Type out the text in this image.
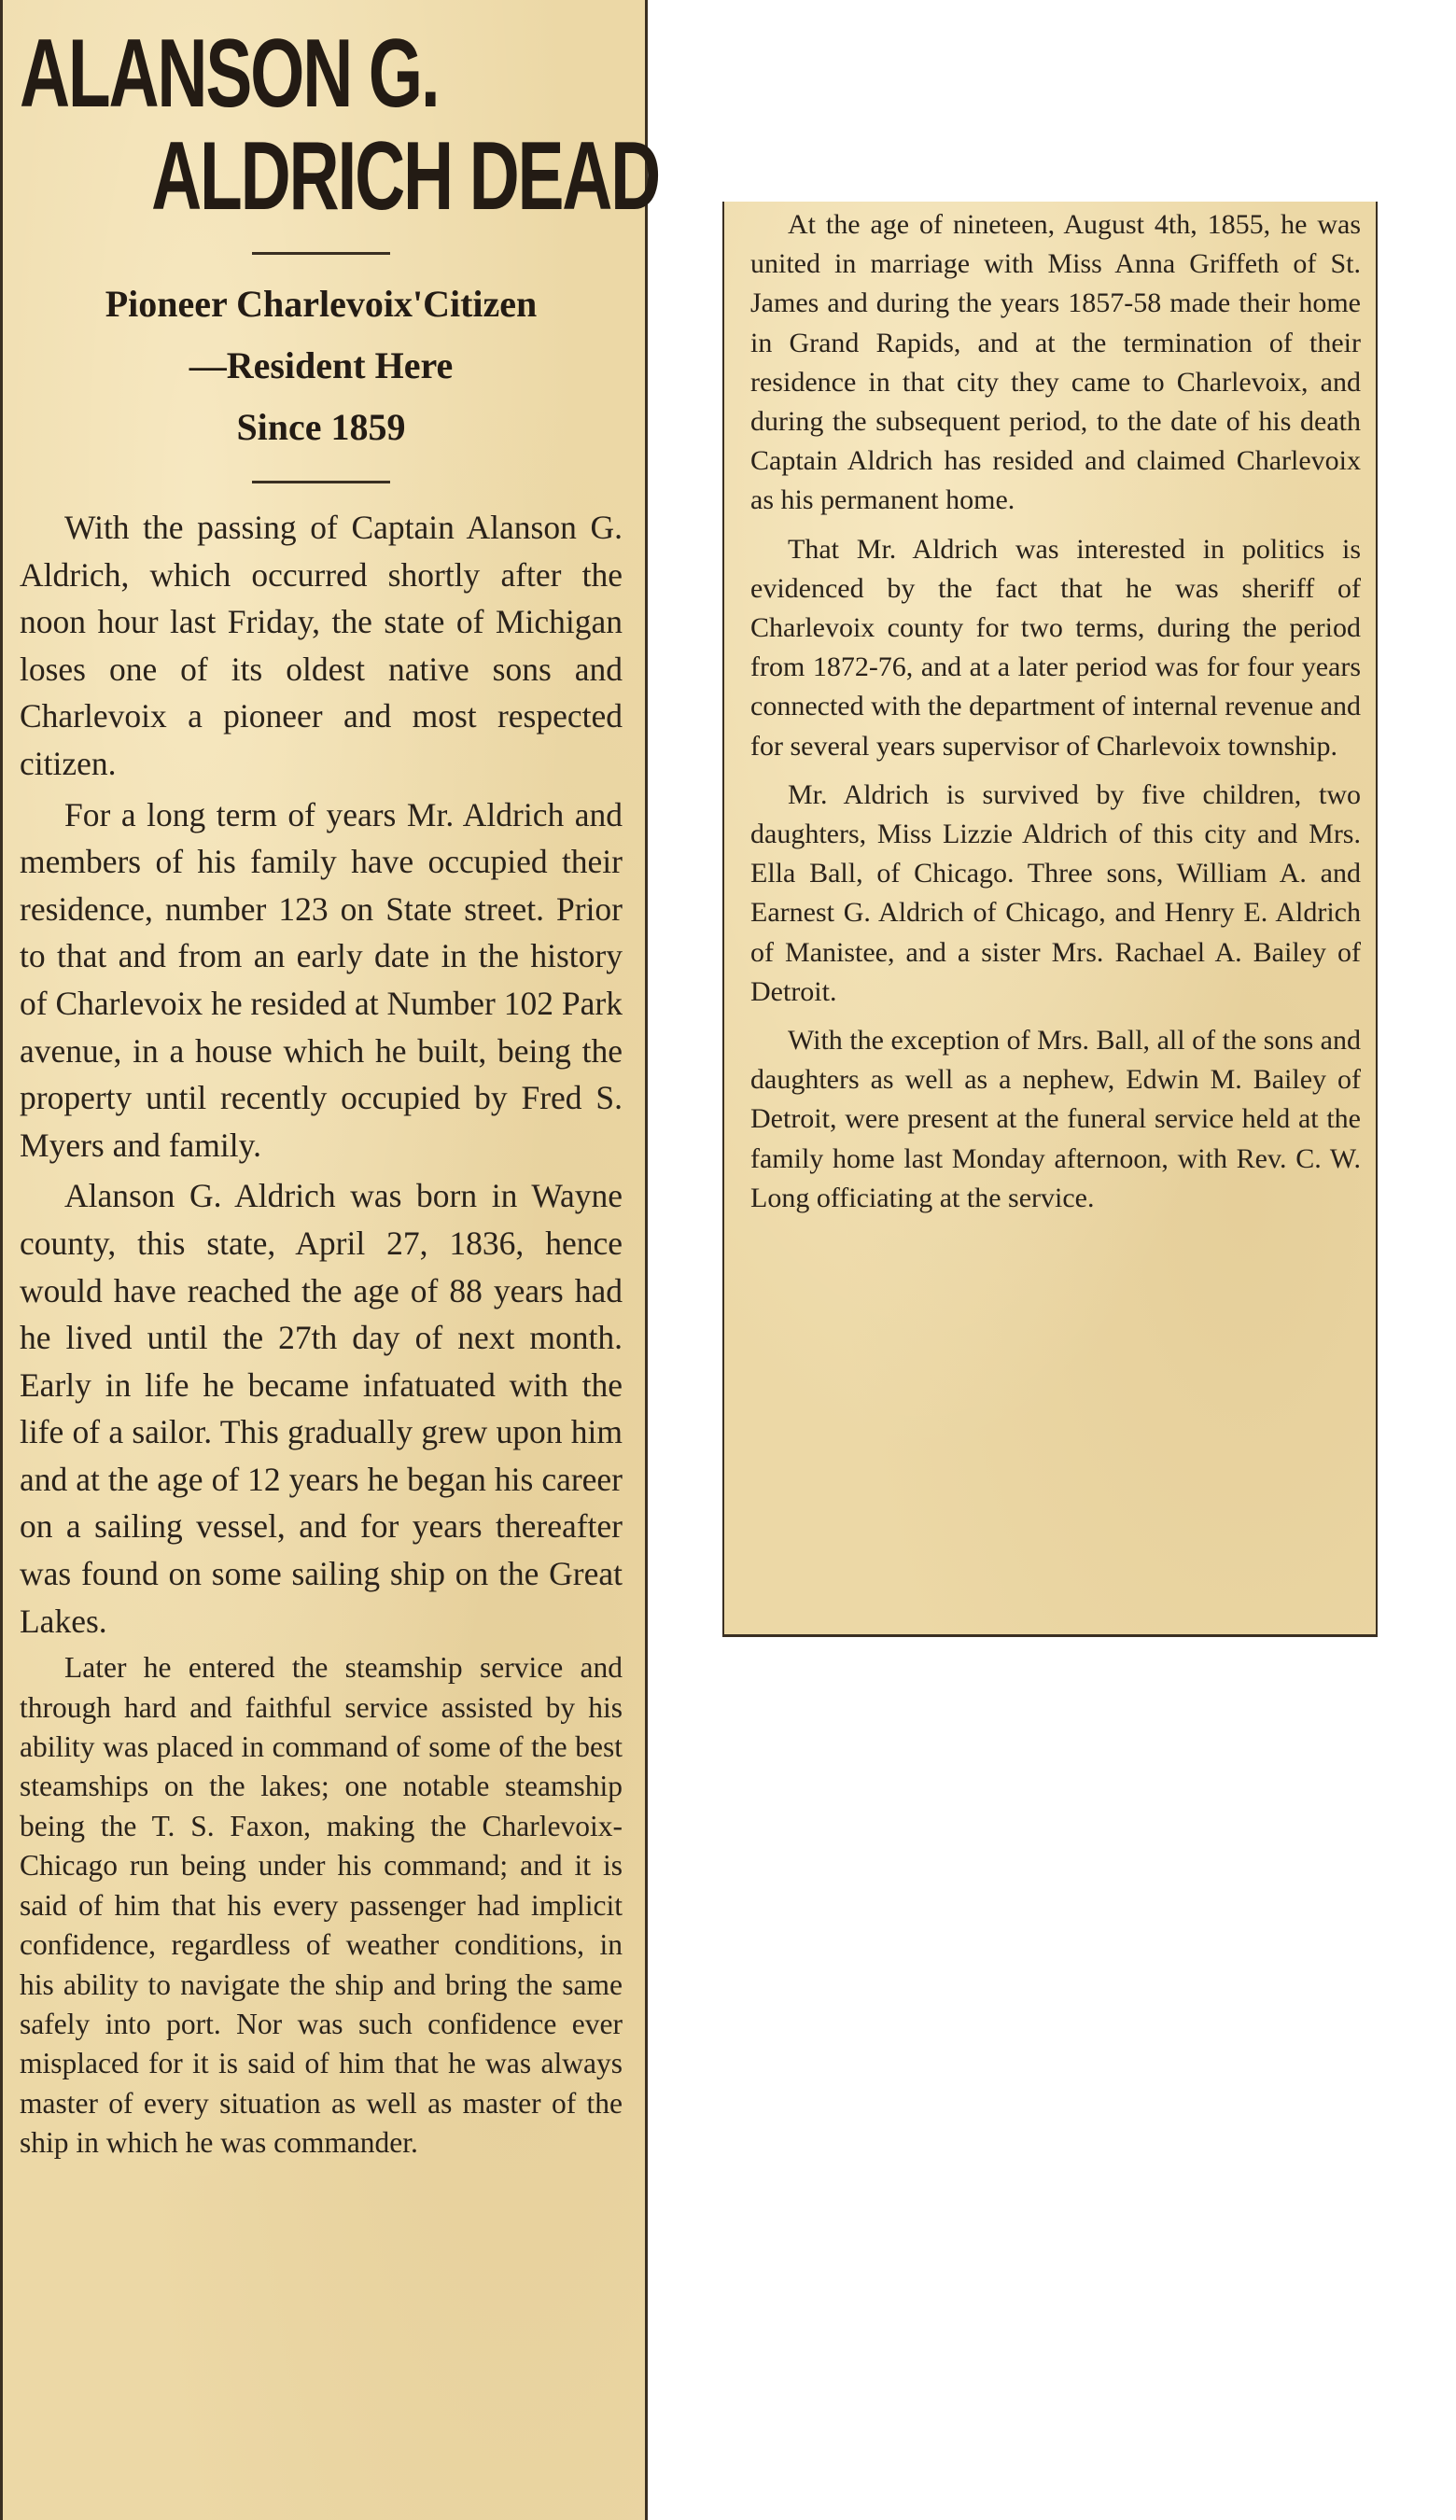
ALANSON G.
ALDRICH DEAD
Pioneer Charlevoix'Citizen
—Resident Here
Since 1859

With the passing of Captain Alanson G. Aldrich, which occurred shortly after the noon hour last Friday, the state of Michigan loses one of its oldest native sons and Charlevoix a pioneer and most respected citizen.

For a long term of years Mr. Aldrich and members of his family have occupied their residence, number 123 on State street. Prior to that and from an early date in the history of Charlevoix he resided at Number 102 Park avenue, in a house which he built, being the property until recently occupied by Fred S. Myers and family.

Alanson G. Aldrich was born in Wayne county, this state, April 27, 1836, hence would have reached the age of 88 years had he lived until the 27th day of next month. Early in life he became infatuated with the life of a sailor. This gradually grew upon him and at the age of 12 years he began his career on a sailing vessel, and for years thereafter was found on some sailing ship on the Great Lakes.

Later he entered the steamship service and through hard and faithful service assisted by his ability was placed in command of some of the best steamships on the lakes; one notable steamship being the T. S. Faxon, making the Charlevoix-Chicago run being under his command; and it is said of him that his every passenger had implicit confidence, regardless of weather conditions, in his ability to navigate the ship and bring the same safely into port. Nor was such confidence ever misplaced for it is said of him that he was always master of every situation as well as master of the ship in which he was commander.

At the age of nineteen, August 4th, 1855, he was united in marriage with Miss Anna Griffeth of St. James and during the years 1857-58 made their home in Grand Rapids, and at the termination of their residence in that city they came to Charlevoix, and during the subsequent period, to the date of his death Captain Aldrich has resided and claimed Charlevoix as his permanent home.

That Mr. Aldrich was interested in politics is evidenced by the fact that he was sheriff of Charlevoix county for two terms, during the period from 1872-76, and at a later period was for four years connected with the department of internal revenue and for several years supervisor of Charlevoix township.

Mr. Aldrich is survived by five children, two daughters, Miss Lizzie Aldrich of this city and Mrs. Ella Ball, of Chicago. Three sons, William A. and Earnest G. Aldrich of Chicago, and Henry E. Aldrich of Manistee, and a sister Mrs. Rachael A. Bailey of Detroit.

With the exception of Mrs. Ball, all of the sons and daughters as well as a nephew, Edwin M. Bailey of Detroit, were present at the funeral service held at the family home last Monday afternoon, with Rev. C. W. Long officiating at the service.
